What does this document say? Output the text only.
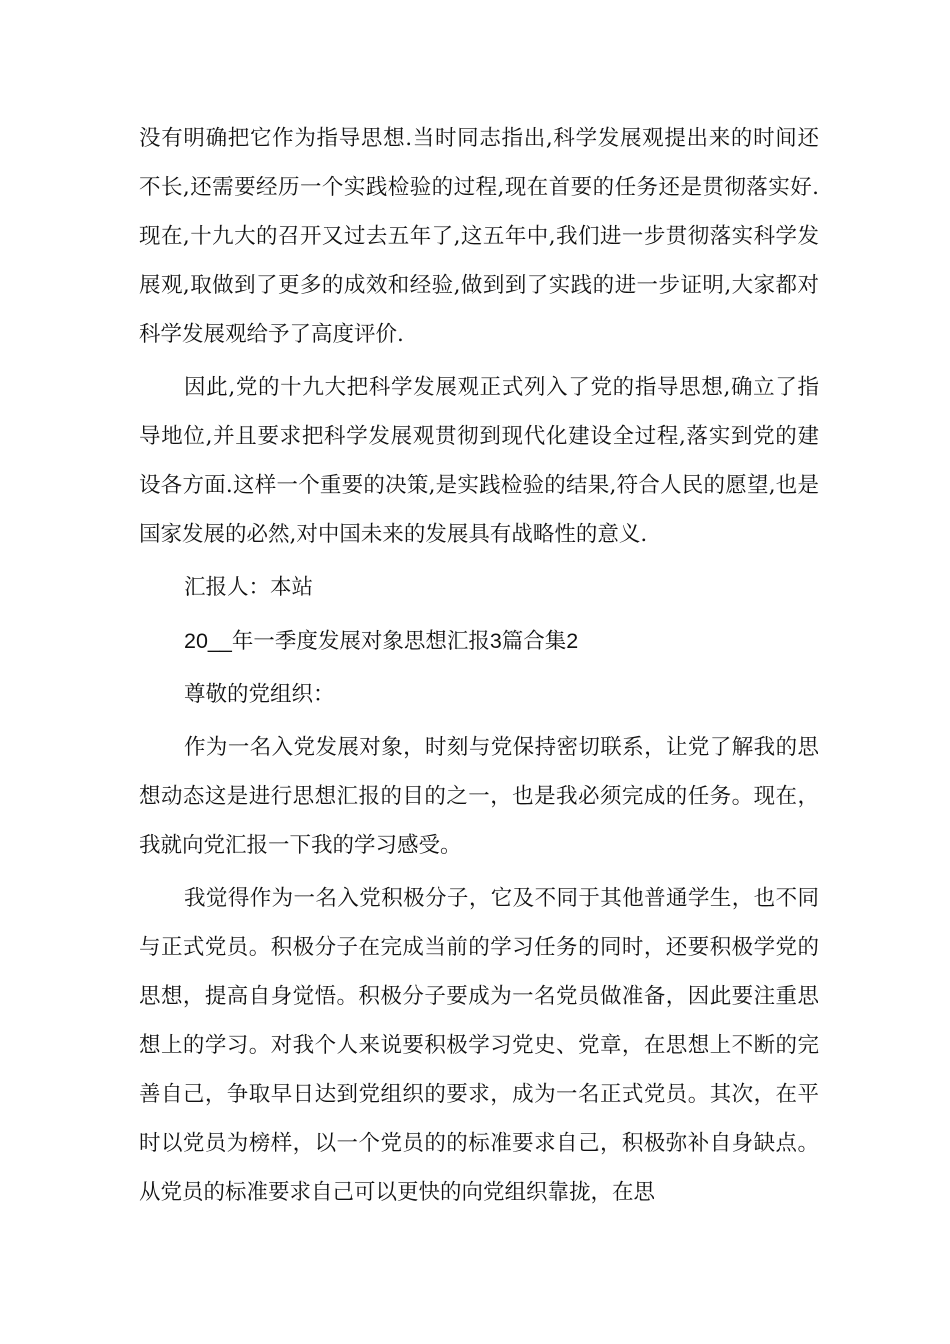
没有明确把它作为指导思想.当时同志指出,科学发展观提出来的时间还不长,还需要经历一个实践检验的过程,现在首要的任务还是贯彻落实好.现在,十九大的召开又过去五年了,这五年中,我们进一步贯彻落实科学发展观,取做到了更多的成效和经验,做到到了实践的进一步证明,大家都对科学发展观给予了高度评价.

因此,党的十九大把科学发展观正式列入了党的指导思想,确立了指导地位,并且要求把科学发展观贯彻到现代化建设全过程,落实到党的建设各方面.这样一个重要的决策,是实践检验的结果,符合人民的愿望,也是国家发展的必然,对中国未来的发展具有战略性的意义.

汇报人：本站

20__年一季度发展对象思想汇报3篇合集2

尊敬的党组织：

作为一名入党发展对象，时刻与党保持密切联系，让党了解我的思想动态这是进行思想汇报的目的之一，也是我必须完成的任务。现在，我就向党汇报一下我的学习感受。

我觉得作为一名入党积极分子，它及不同于其他普通学生，也不同与正式党员。积极分子在完成当前的学习任务的同时，还要积极学党的思想，提高自身觉悟。积极分子要成为一名党员做准备，因此要注重思想上的学习。对我个人来说要积极学习党史、党章，在思想上不断的完善自己，争取早日达到党组织的要求，成为一名正式党员。其次，在平时以党员为榜样，以一个党员的的标准要求自己，积极弥补自身缺点。从党员的标准要求自己可以更快的向党组织靠拢，在思
